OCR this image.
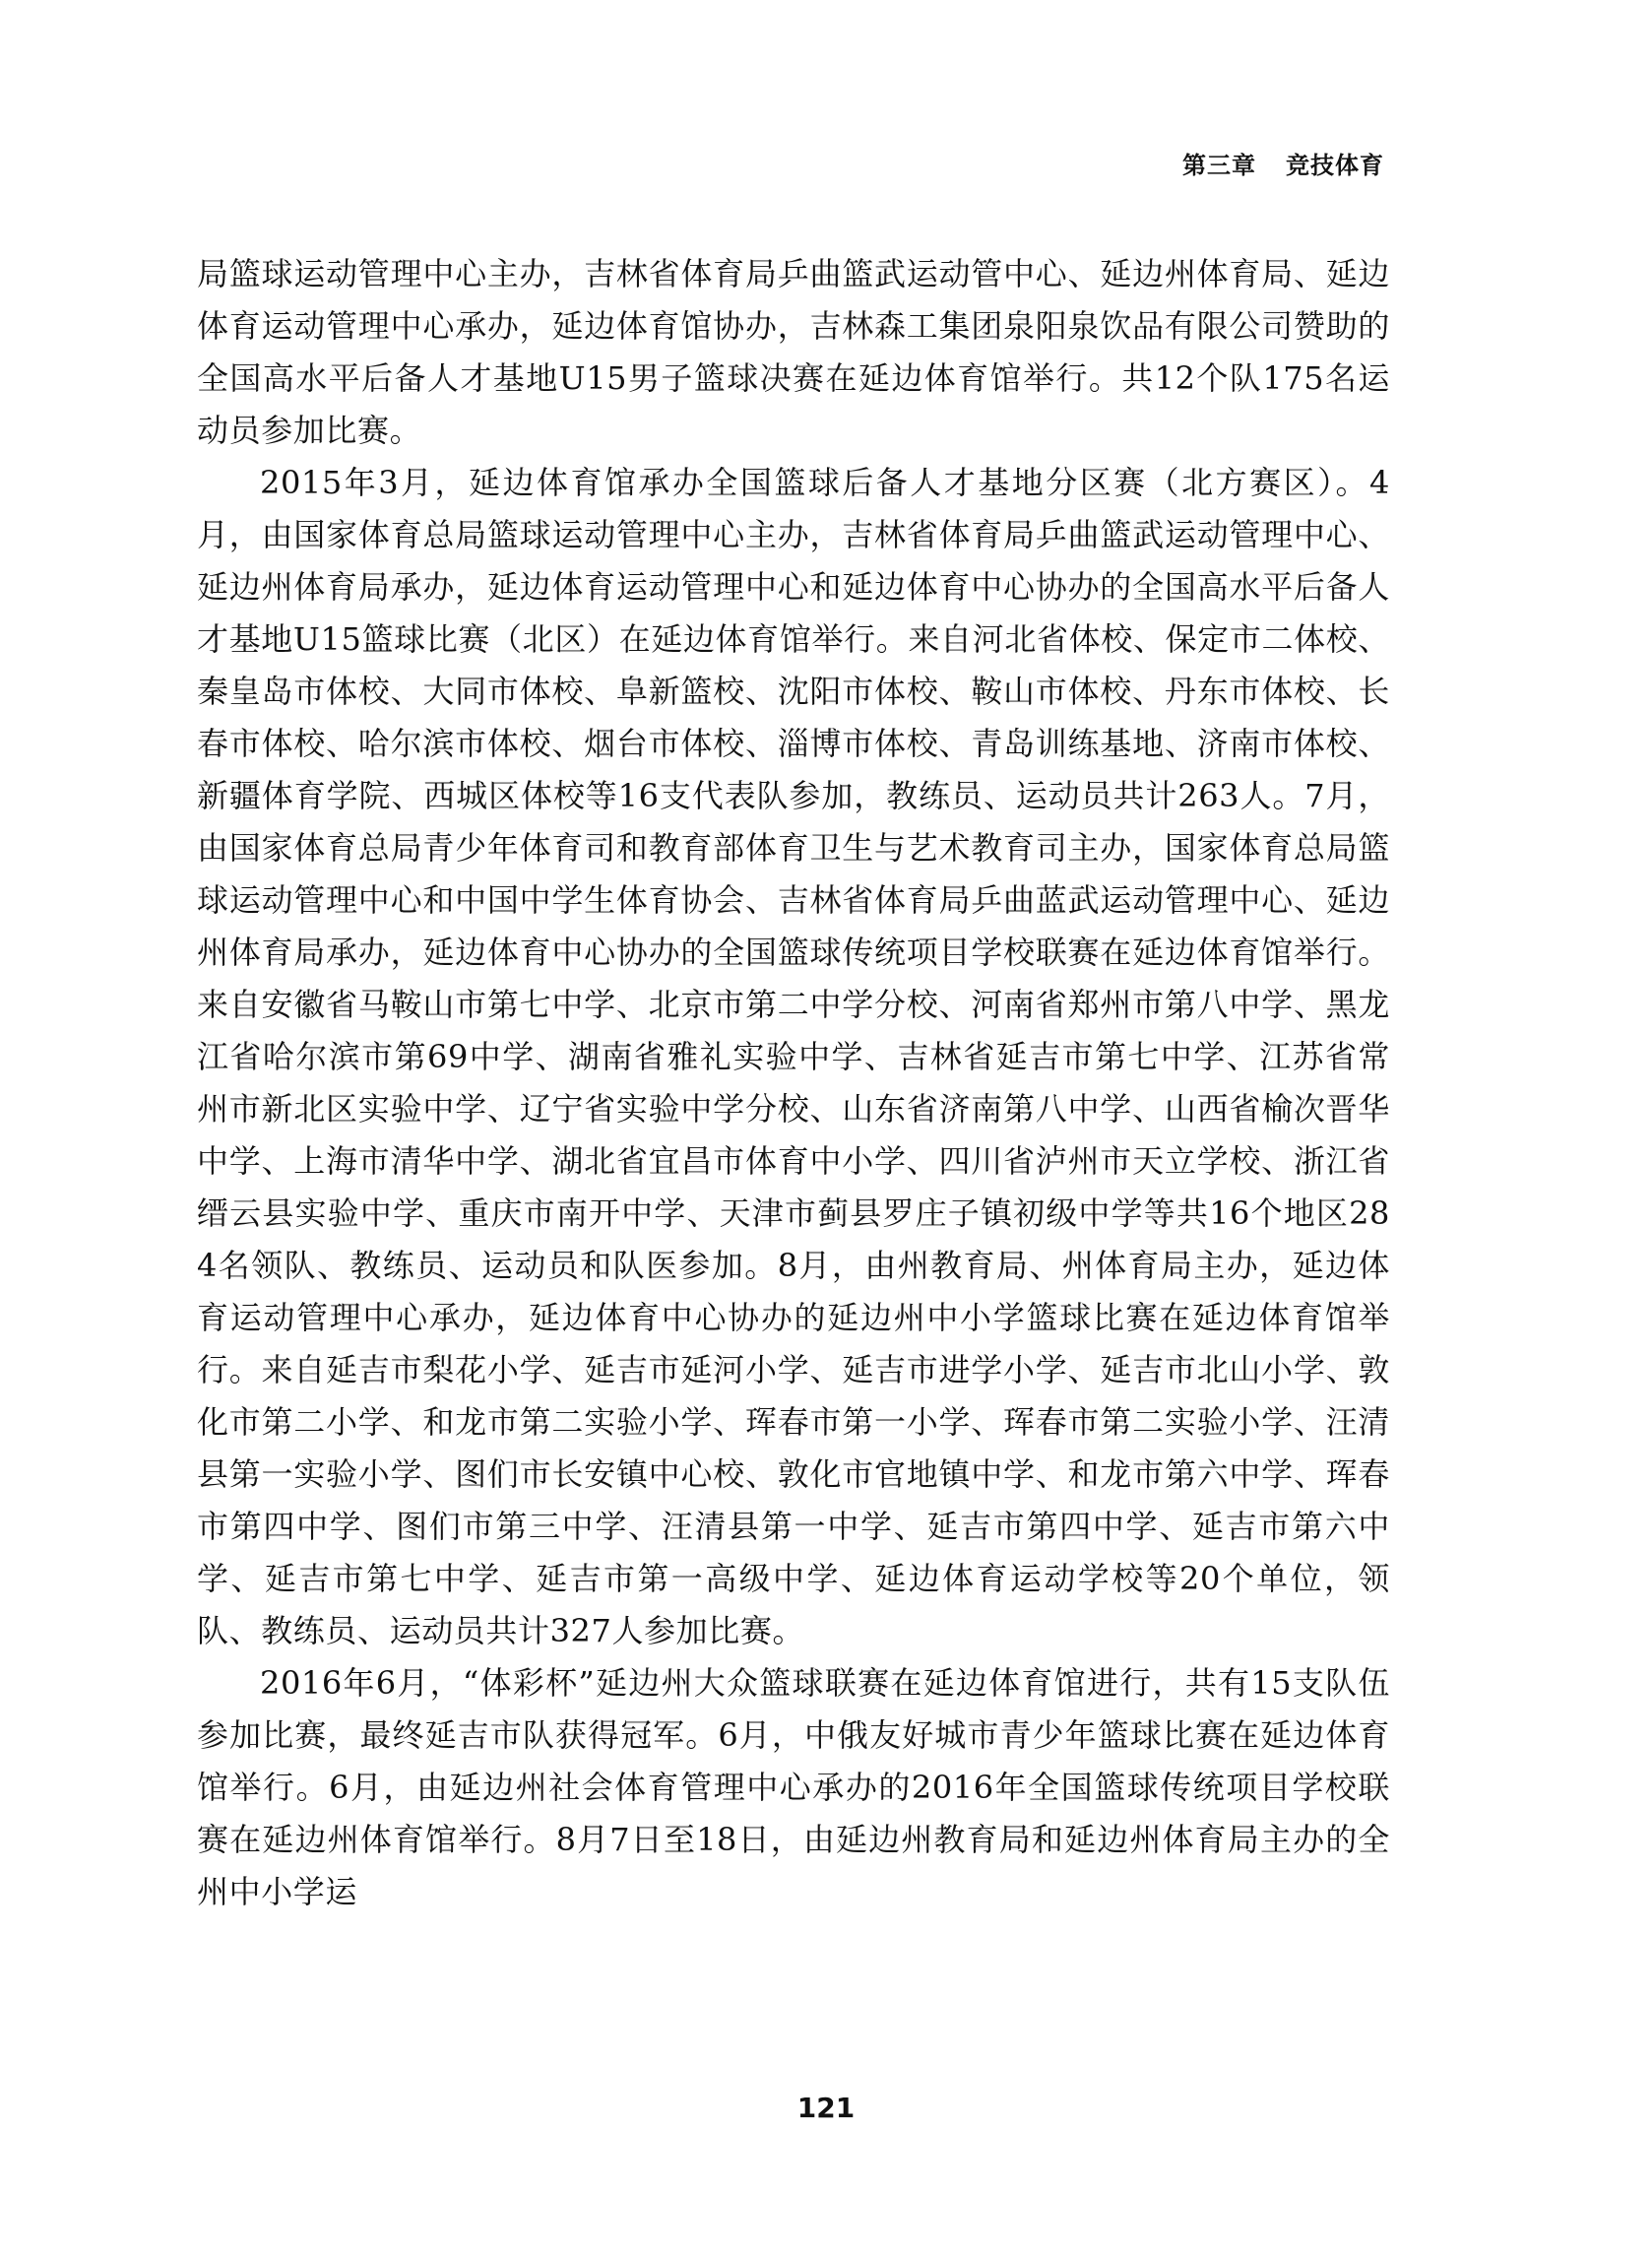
第三章 竞技体育

局篮球运动管理中心主办，吉林省体育局乒曲篮武运动管中心、延边州体育局、延边体育运动管理中心承办，延边体育馆协办，吉林森工集团泉阳泉饮品有限公司赞助的全国高水平后备人才基地U15男子篮球决赛在延边体育馆举行。共12个队175名运动员参加比赛。

2015年3月，延边体育馆承办全国篮球后备人才基地分区赛（北方赛区）。4月，由国家体育总局篮球运动管理中心主办，吉林省体育局乒曲篮武运动管理中心、延边州体育局承办，延边体育运动管理中心和延边体育中心协办的全国高水平后备人才基地U15篮球比赛（北区）在延边体育馆举行。来自河北省体校、保定市二体校、秦皇岛市体校、大同市体校、阜新篮校、沈阳市体校、鞍山市体校、丹东市体校、长春市体校、哈尔滨市体校、烟台市体校、淄博市体校、青岛训练基地、济南市体校、新疆体育学院、西城区体校等16支代表队参加，教练员、运动员共计263人。7月，由国家体育总局青少年体育司和教育部体育卫生与艺术教育司主办，国家体育总局篮球运动管理中心和中国中学生体育协会、吉林省体育局乒曲蓝武运动管理中心、延边州体育局承办，延边体育中心协办的全国篮球传统项目学校联赛在延边体育馆举行。来自安徽省马鞍山市第七中学、北京市第二中学分校、河南省郑州市第八中学、黑龙江省哈尔滨市第69中学、湖南省雅礼实验中学、吉林省延吉市第七中学、江苏省常州市新北区实验中学、辽宁省实验中学分校、山东省济南第八中学、山西省榆次晋华中学、上海市清华中学、湖北省宜昌市体育中小学、四川省泸州市天立学校、浙江省缙云县实验中学、重庆市南开中学、天津市蓟县罗庄子镇初级中学等共16个地区284名领队、教练员、运动员和队医参加。8月，由州教育局、州体育局主办，延边体育运动管理中心承办，延边体育中心协办的延边州中小学篮球比赛在延边体育馆举行。来自延吉市梨花小学、延吉市延河小学、延吉市进学小学、延吉市北山小学、敦化市第二小学、和龙市第二实验小学、珲春市第一小学、珲春市第二实验小学、汪清县第一实验小学、图们市长安镇中心校、敦化市官地镇中学、和龙市第六中学、珲春市第四中学、图们市第三中学、汪清县第一中学、延吉市第四中学、延吉市第六中学、延吉市第七中学、延吉市第一高级中学、延边体育运动学校等20个单位，领队、教练员、运动员共计327人参加比赛。

2016年6月，“体彩杯”延边州大众篮球联赛在延边体育馆进行，共有15支队伍参加比赛，最终延吉市队获得冠军。6月，中俄友好城市青少年篮球比赛在延边体育馆举行。6月，由延边州社会体育管理中心承办的2016年全国篮球传统项目学校联赛在延边州体育馆举行。8月7日至18日，由延边州教育局和延边州体育局主办的全州中小学运

121
